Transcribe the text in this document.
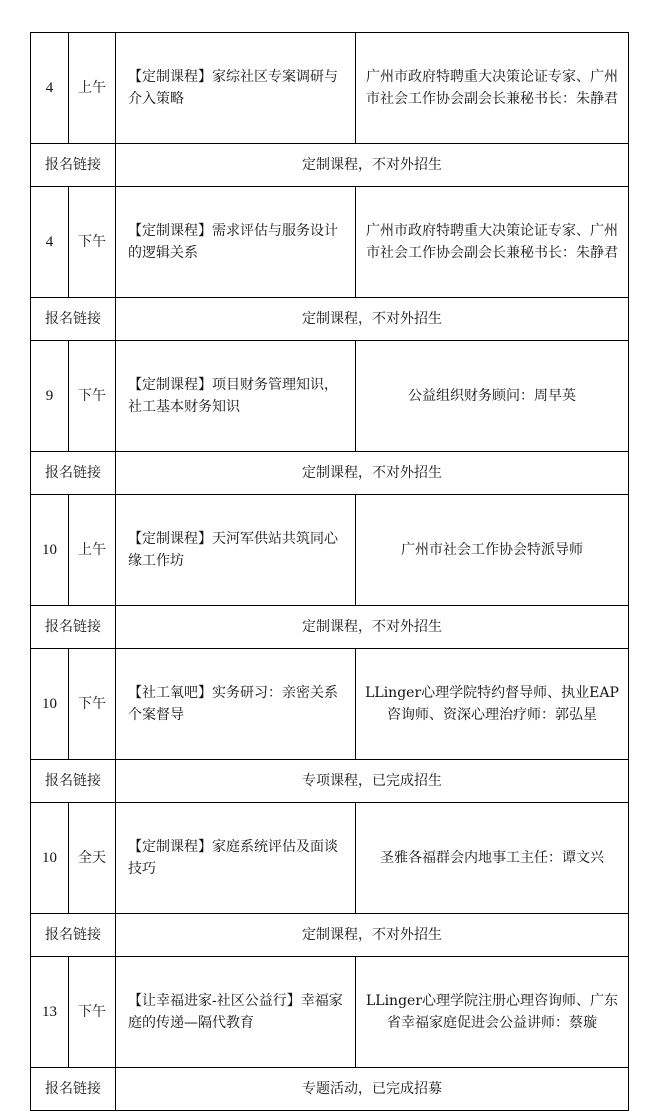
4	上午	【定制课程】家综社区专案调研与介入策略	广州市政府特聘重大决策论证专家、广州市社会工作协会副会长兼秘书长：朱静君
报名链接		定制课程，不对外招生	
4	下午	【定制课程】需求评估与服务设计的逻辑关系	广州市政府特聘重大决策论证专家、广州市社会工作协会副会长兼秘书长：朱静君
报名链接		定制课程，不对外招生	
9	下午	【定制课程】项目财务管理知识，社工基本财务知识	公益组织财务顾问：周早英
报名链接		定制课程，不对外招生	
10	上午	【定制课程】天河军供站共筑同心缘工作坊	广州市社会工作协会特派导师
报名链接		定制课程，不对外招生	
10	下午	【社工氧吧】实务研习：亲密关系个案督导	LLinger心理学院特约督导师、执业EAP咨询师、资深心理治疗师：郭弘星
报名链接		专项课程，已完成招生	
10	全天	【定制课程】家庭系统评估及面谈技巧	圣雅各福群会内地事工主任：谭文兴
报名链接		定制课程，不对外招生	
13	下午	【让幸福进家-社区公益行】幸福家庭的传递—隔代教育	LLinger心理学院注册心理咨询师、广东省幸福家庭促进会公益讲师：蔡璇
报名链接		专题活动，已完成招募	
